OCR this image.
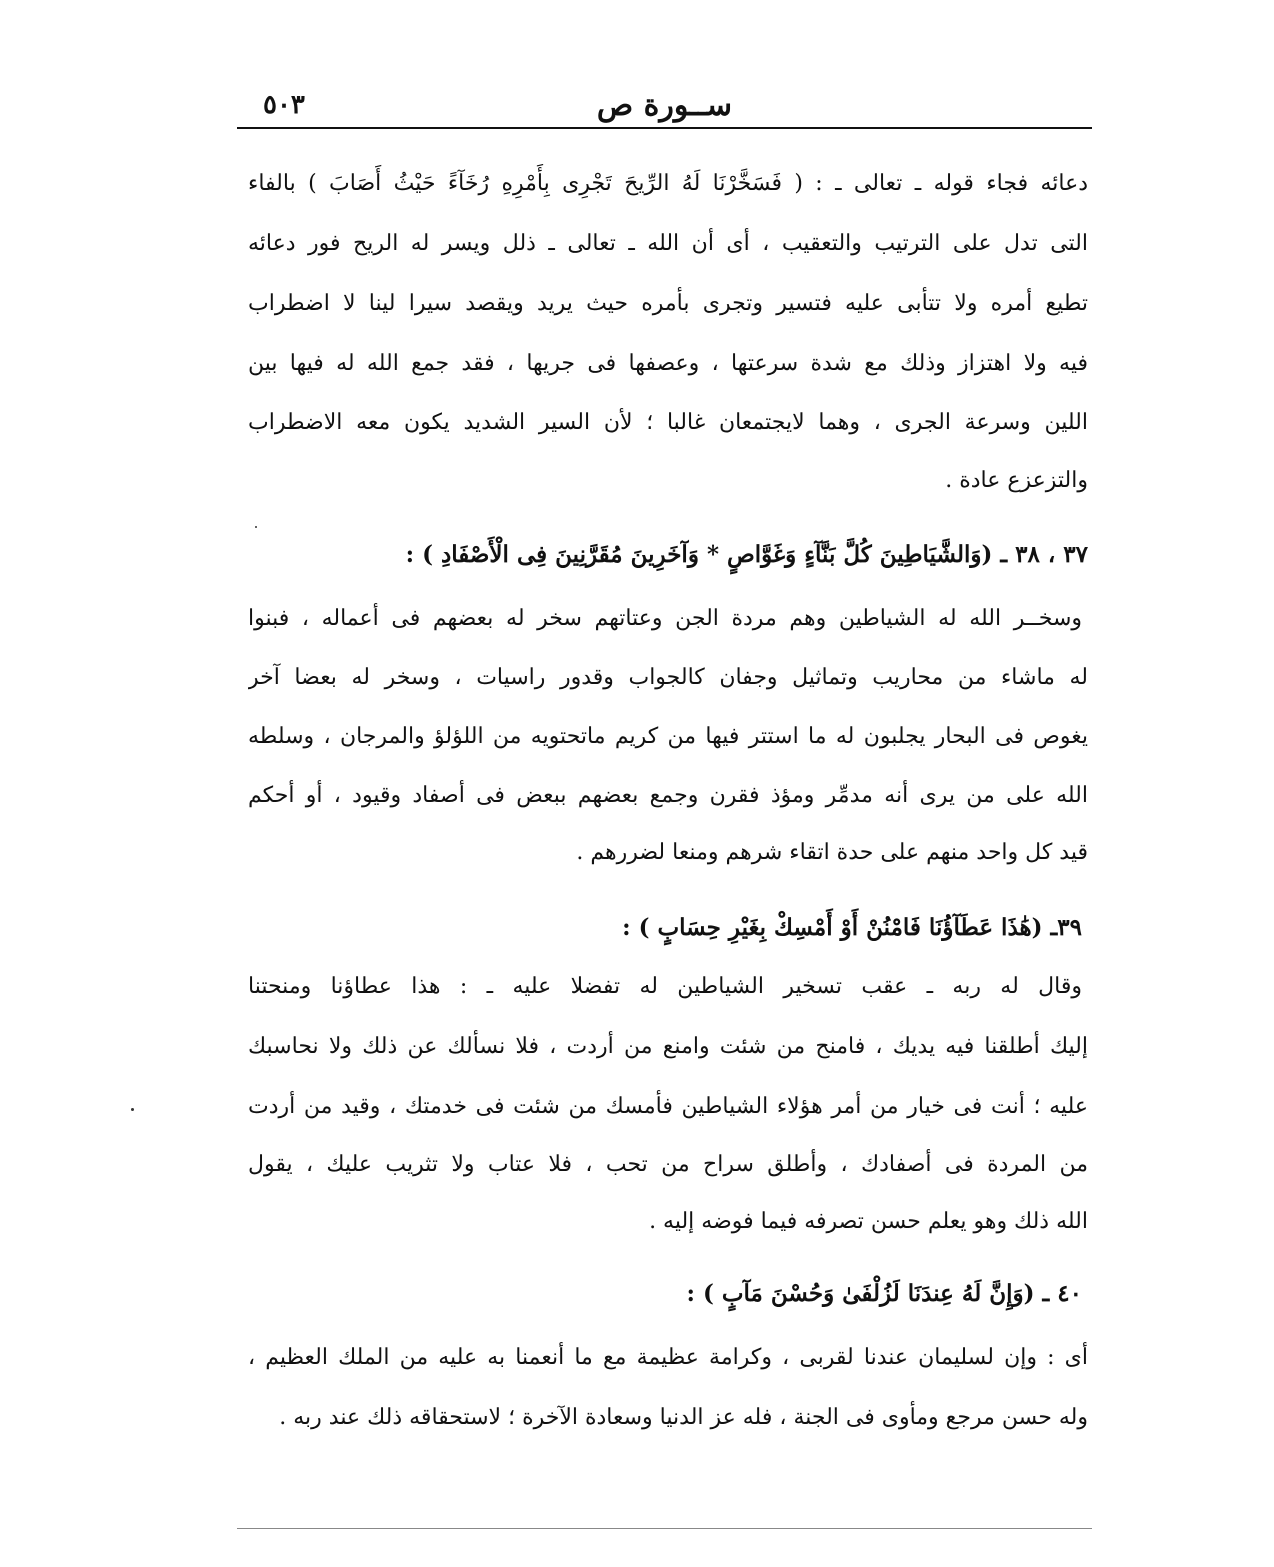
ســورة ص
٥٠٣
دعائه فجاء قوله ـ تعالى ـ : ( فَسَخَّرْنَا لَهُ الرِّيحَ تَجْرِى بِأَمْرِهِ رُخَآءً حَيْثُ أَصَابَ ) بالفاء
التى تدل على الترتيب والتعقيب ، أى أن الله ـ تعالى ـ ذلل ويسر له الريح فور دعائه
تطيع أمره ولا تتأبى عليه فتسير وتجرى بأمره حيث يريد ويقصد سيرا لينا لا اضطراب
فيه ولا اهتزاز وذلك مع شدة سرعتها ، وعصفها فى جريها ، فقد جمع الله له فيها بين
اللين وسرعة الجرى ، وهما لايجتمعان غالبا ؛ لأن السير الشديد يكون معه الاضطراب
والتزعزع عادة .
٣٧ ، ٣٨ ـ (وَالشَّيَاطِينَ كُلَّ بَنَّآءٍ وَغَوَّاصٍ * وَآخَرِينَ مُقَرَّنِينَ فِى الْأَصْفَادِ ) :
وسخــر الله له الشياطين وهم مردة الجن وعتاتهم سخر له بعضهم فى أعماله ، فبنوا
له ماشاء من محاريب وتماثيل وجفان كالجواب وقدور راسيات ، وسخر له بعضا آخر
يغوص فى البحار يجلبون له ما استتر فيها من كريم ماتحتويه من اللؤلؤ والمرجان ، وسلطه
الله على من يرى أنه مدمِّر ومؤذ فقرن وجمع بعضهم ببعض فى أصفاد وقيود ، أو أحكم
قيد كل واحد منهم على حدة اتقاء شرهم ومنعا لضررهم .
٣٩ـ (هَٰذَا عَطَآؤُنَا فَامْنُنْ أَوْ أَمْسِكْ بِغَيْرِ حِسَابٍ ) :
وقال له ربه ـ عقب تسخير الشياطين له تفضلا عليه ـ : هذا عطاؤنا ومنحتنا
إليك أطلقنا فيه يديك ، فامنح من شئت وامنع من أردت ، فلا نسألك عن ذلك ولا نحاسبك
عليه ؛ أنت فى خيار من أمر هؤلاء الشياطين فأمسك من شئت فى خدمتك ، وقيد من أردت
من المردة فى أصفادك ، وأطلق سراح من تحب ، فلا عتاب ولا تثريب عليك ، يقول
الله ذلك وهو يعلم حسن تصرفه فيما فوضه إليه .
٤٠ ـ (وَإِنَّ لَهُ عِندَنَا لَزُلْفَىٰ وَحُسْنَ مَآبٍ ) :
أى : وإن لسليمان عندنا لقربى ، وكرامة عظيمة مع ما أنعمنا به عليه من الملك العظيم ،
وله حسن مرجع ومأوى فى الجنة ، فله عز الدنيا وسعادة الآخرة ؛ لاستحقاقه ذلك عند ربه .
